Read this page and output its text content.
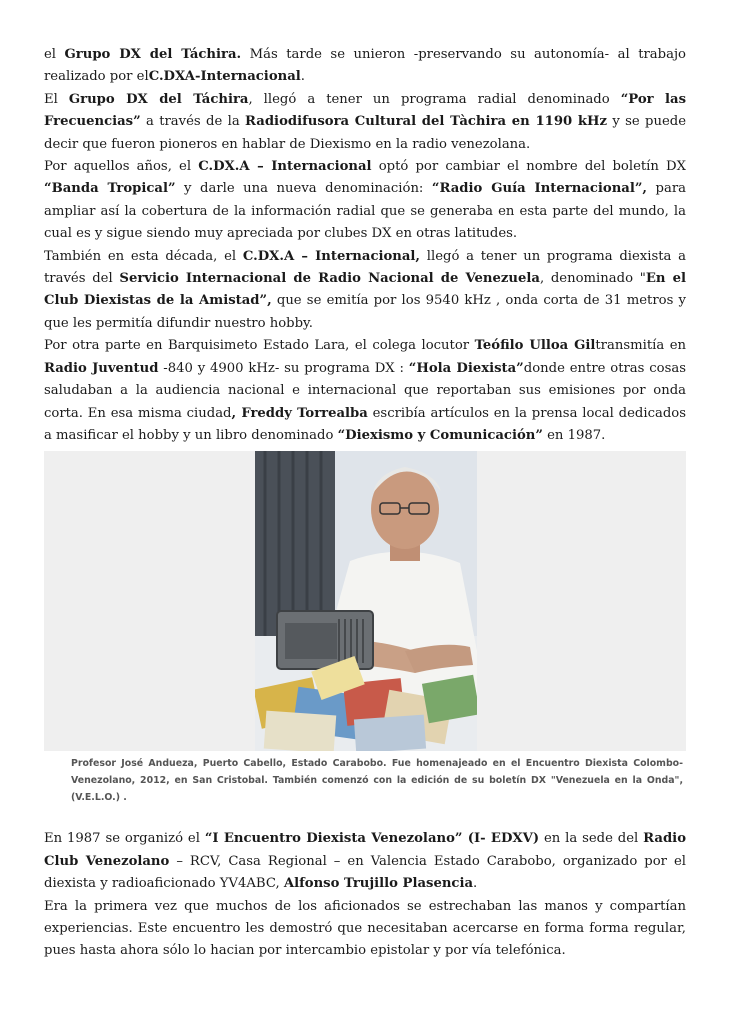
el Grupo DX del Táchira. Más tarde se unieron -preservando su autonomía- al trabajo realizado por elC.DXA-Internacional.

El Grupo DX del Táchira, llegó a tener un programa radial denominado “Por las Frecuencias” a través de la Radiodifusora Cultural del Tàchira en 1190 kHz y se puede decir que fueron pioneros en hablar de Diexismo en la radio venezolana.

Por aquellos años, el C.DX.A – Internacional optó por cambiar el nombre del boletín DX “Banda Tropical” y darle una nueva denominación: “Radio Guía Internacional”, para ampliar así la cobertura de la información radial que se generaba en esta parte del mundo, la cual es y sigue siendo muy apreciada por clubes DX en otras latitudes.

También en esta década, el C.DX.A – Internacional, llegó a tener un programa diexista a través del Servicio Internacional de Radio Nacional de Venezuela, denominado "En el Club Diexistas de la Amistad”, que se emitía por los 9540 kHz , onda corta de 31 metros y que les permitía difundir nuestro hobby.

Por otra parte en Barquisimeto Estado Lara, el colega locutor Teófilo Ulloa Giltransmitía en Radio Juventud -840 y 4900 kHz- su programa DX : “Hola Diexista”donde entre otras cosas saludaban a la audiencia nacional e internacional que reportaban sus emisiones por onda corta. En esa misma ciudad, Freddy Torrealba escribía artículos en la prensa local dedicados a masificar el hobby y un libro denominado “Diexismo y Comunicación” en 1987.

Profesor José Andueza, Puerto Cabello, Estado Carabobo. Fue homenajeado en el Encuentro Diexista Colombo-Venezolano, 2012, en San Cristobal. También comenzó con la edición de su boletín DX "Venezuela en la Onda", (V.E.L.O.) .

En 1987 se organizó el “I Encuentro Diexista Venezolano” (I- EDXV) en la sede del Radio Club Venezolano – RCV, Casa Regional – en Valencia Estado Carabobo, organizado por el diexista y radioaficionado YV4ABC, Alfonso Trujillo Plasencia.

Era la primera vez que muchos de los aficionados se estrechaban las manos y compartían experiencias. Este encuentro les demostró que necesitaban acercarse en forma forma regular, pues hasta ahora sólo lo hacian por intercambio epistolar y por vía telefónica.
